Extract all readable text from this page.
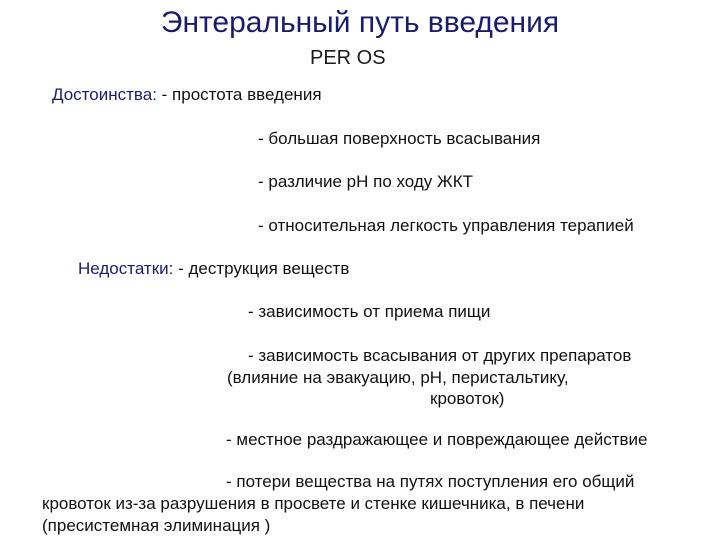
Энтеральный путь введения
PER OS
Достоинства: - простота введения
- большая поверхность всасывания
- различие рН по ходу ЖКТ
- относительная легкость управления терапией
Недостатки: - деструкция веществ
- зависимость от приема пищи
- зависимость всасывания от других препаратов
(влияние на эвакуацию, рН, перистальтику,
кровоток)
- местное раздражающее и повреждающее действие
- потери вещества на путях поступления его общий
кровоток из-за разрушения в просвете и стенке кишечника, в печени
(пресистемная элиминация )
